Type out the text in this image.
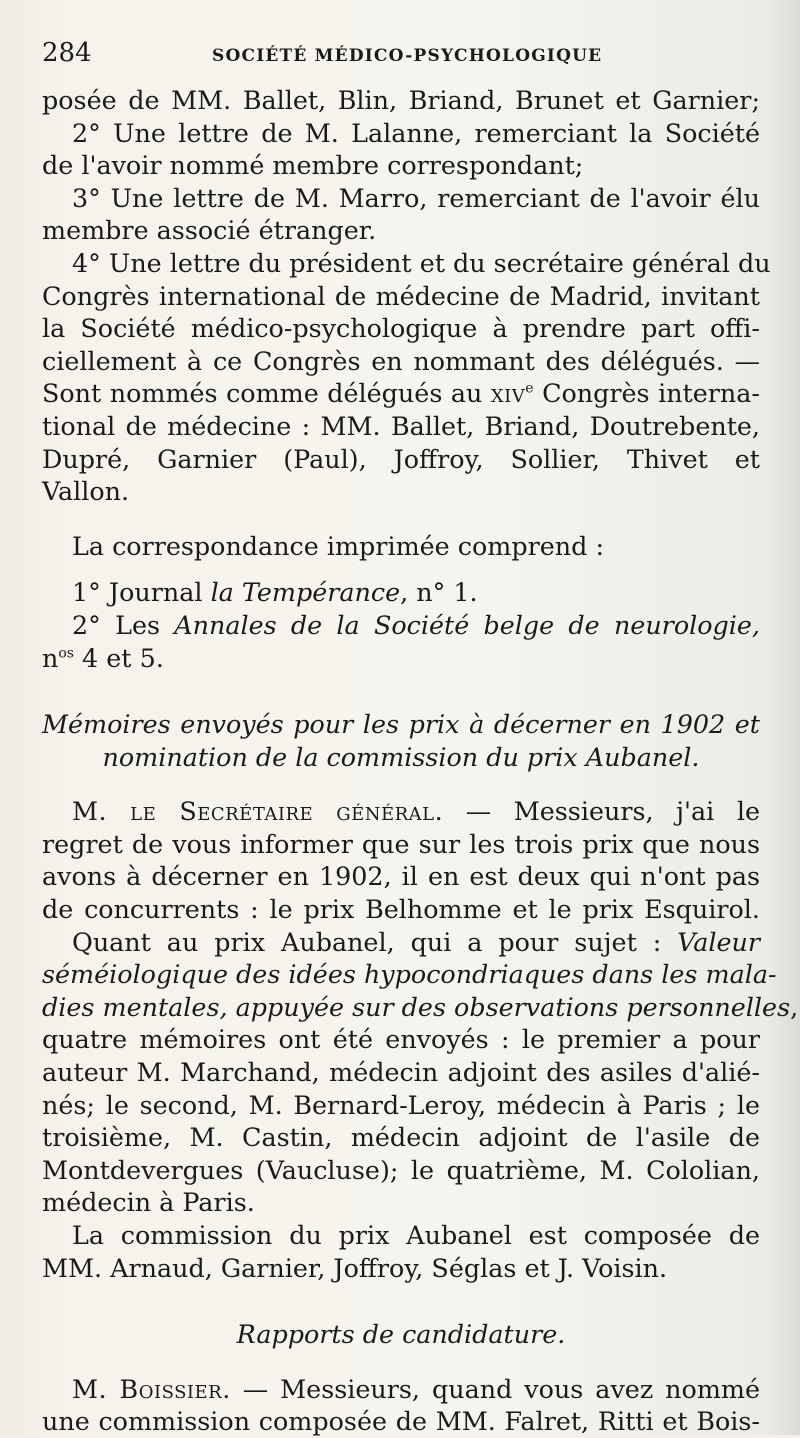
284	SOCIÉTÉ MÉDICO-PSYCHOLOGIQUE
posée de MM. Ballet, Blin, Briand, Brunet et Garnier;
2° Une lettre de M. Lalanne, remerciant la Société
de l'avoir nommé membre correspondant;
3° Une lettre de M. Marro, remerciant de l'avoir élu
membre associé étranger.
4° Une lettre du président et du secrétaire général du
Congrès international de médecine de Madrid, invitant
la Société médico-psychologique à prendre part offi-
ciellement à ce Congrès en nommant des délégués. —
Sont nommés comme délégués au xiv$^e$ Congrès interna-
tional de médecine : MM. Ballet, Briand, Doutrebente,
Dupré, Garnier (Paul), Joffroy, Sollier, Thivet et
Vallon.
La correspondance imprimée comprend :
1° Journal la Tempérance, n° 1.
2° Les Annales de la Société belge de neurologie,
$n^{os}$ 4 et 5.
Mémoires envoyés pour les prix à décerner en 1902 et
nomination de la commission du prix Aubanel.
M. le Secrétaire général. — Messieurs, j'ai le
regret de vous informer que sur les trois prix que nous
avons à décerner en 1902, il en est deux qui n'ont pas
de concurrents : le prix Belhomme et le prix Esquirol.
Quant au prix Aubanel, qui a pour sujet : Valeur
séméiologique des idées hypocondriaques dans les mala-
dies mentales, appuyée sur des observations personnelles,
quatre mémoires ont été envoyés : le premier a pour
auteur M. Marchand, médecin adjoint des asiles d'alié-
nés; le second, M. Bernard-Leroy, médecin à Paris ; le
troisième, M. Castin, médecin adjoint de l'asile de
Montdevergues (Vaucluse); le quatrième, M. Cololian,
médecin à Paris.
La commission du prix Aubanel est composée de
MM. Arnaud, Garnier, Joffroy, Séglas et J. Voisin.
Rapports de candidature.
M. Boissier. — Messieurs, quand vous avez nommé
une commission composée de MM. Falret, Ritti et Bois-
